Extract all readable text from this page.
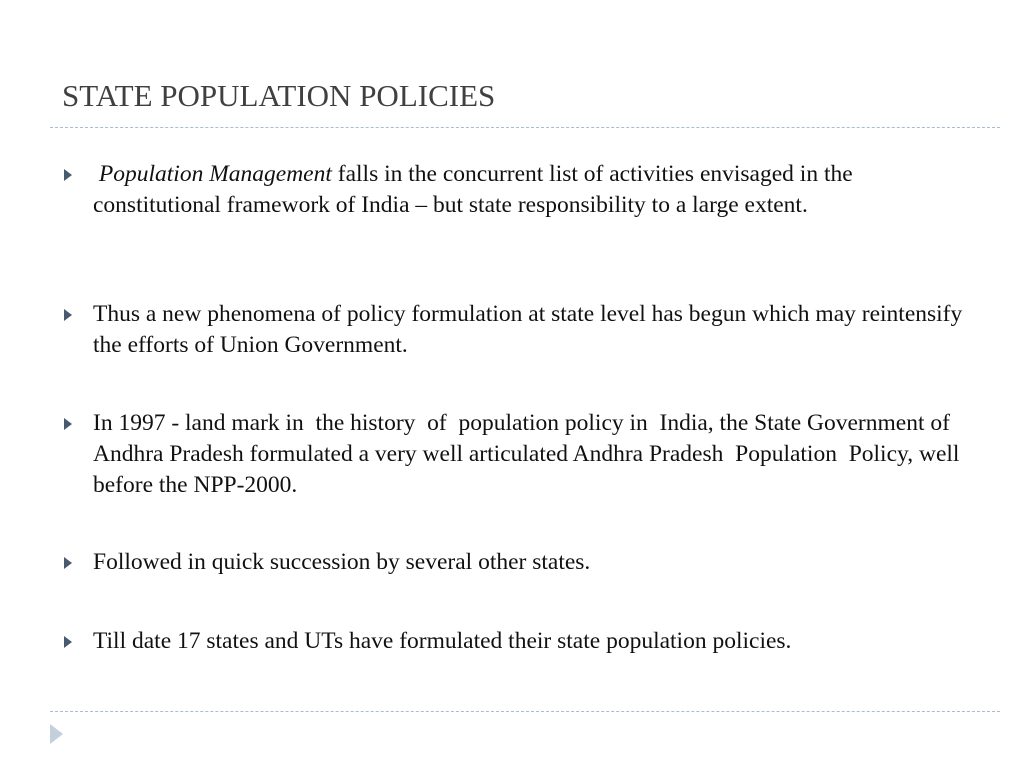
STATE POPULATION POLICIES
Population Management falls in the concurrent list of activities envisaged in the constitutional framework of India – but state responsibility to a large extent.
Thus a new phenomena of policy formulation at state level has begun which may reintensify the efforts of Union Government.
In 1997 - land mark in  the history  of  population policy in  India, the State Government of Andhra Pradesh formulated a very well articulated Andhra Pradesh  Population  Policy, well before the NPP-2000.
Followed in quick succession by several other states.
Till date 17 states and UTs have formulated their state population policies.
